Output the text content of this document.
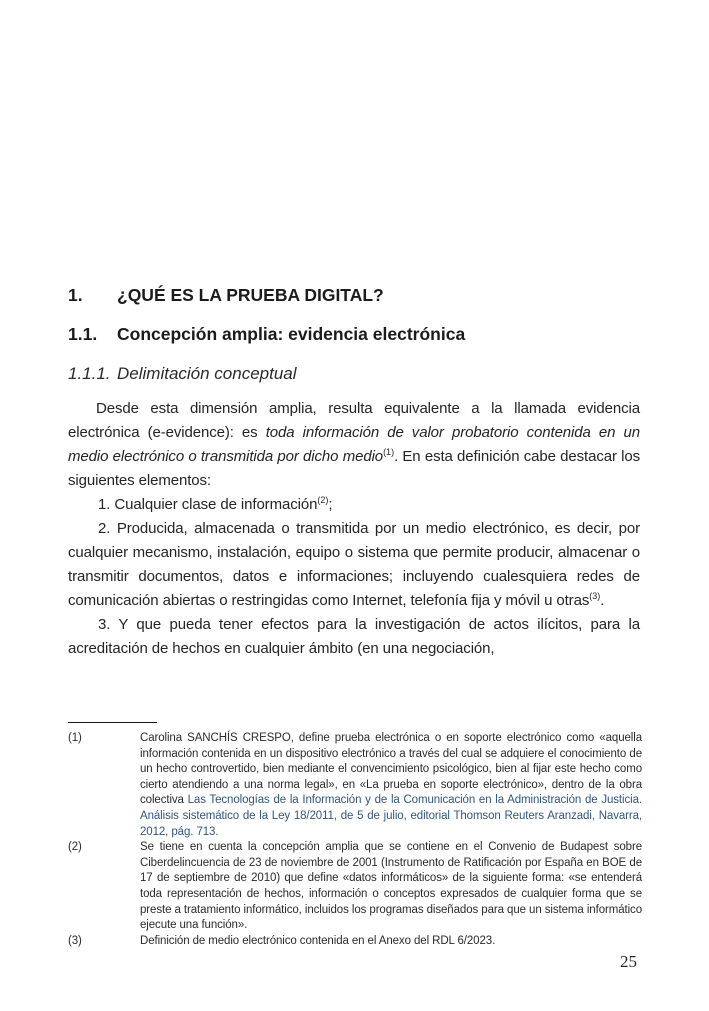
1. ¿QUÉ ES LA PRUEBA DIGITAL?
1.1. Concepción amplia: evidencia electrónica
1.1.1. Delimitación conceptual

Desde esta dimensión amplia, resulta equivalente a la llamada evidencia electrónica (e-evidence): es toda información de valor probatorio contenida en un medio electrónico o transmitida por dicho medio$^{(1)}$. En esta definición cabe destacar los siguientes elementos:

1. Cualquier clase de información$^{(2)}$;

2. Producida, almacenada o transmitida por un medio electrónico, es decir, por cualquier mecanismo, instalación, equipo o sistema que permite producir, almacenar o transmitir documentos, datos e informaciones; incluyendo cualesquiera redes de comunicación abiertas o restringidas como Internet, telefonía fija y móvil u otras$^{(3)}$.

3. Y que pueda tener efectos para la investigación de actos ilícitos, para la acreditación de hechos en cualquier ámbito (en una negociación,

(1)	Carolina SANCHÍS CRESPO, define prueba electrónica o en soporte electrónico como «aquella información contenida en un dispositivo electrónico a través del cual se adquiere el conocimiento de un hecho controvertido, bien mediante el convencimiento psicológico, bien al fijar este hecho como cierto atendiendo a una norma legal», en «La prueba en soporte electrónico», dentro de la obra colectiva Las Tecnologías de la Información y de la Comunicación en la Administración de Justicia. Análisis sistemático de la Ley 18/2011, de 5 de julio, editorial Thomson Reuters Aranzadi, Navarra, 2012, pág. 713.
(2)	Se tiene en cuenta la concepción amplia que se contiene en el Convenio de Budapest sobre Ciberdelincuencia de 23 de noviembre de 2001 (Instrumento de Ratificación por España en BOE de 17 de septiembre de 2010) que define «datos informáticos» de la siguiente forma: «se entenderá toda representación de hechos, información o conceptos expresados de cualquier forma que se preste a tratamiento informático, incluidos los programas diseñados para que un sistema informático ejecute una función».
(3)	Definición de medio electrónico contenida en el Anexo del RDL 6/2023.
25
